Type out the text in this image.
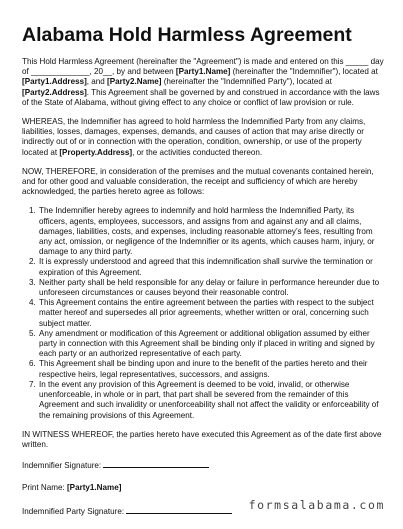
Alabama Hold Harmless Agreement

This Hold Harmless Agreement (hereinafter the "Agreement") is made and entered on this _____ day of _____________, 20__, by and between [Party1.Name] (hereinafter the "Indemnifier"), located at [Party1.Address], and [Party2.Name] (hereinafter the "Indemnified Party"), located at [Party2.Address]. This Agreement shall be governed by and construed in accordance with the laws of the State of Alabama, without giving effect to any choice or conflict of law provision or rule.

WHEREAS, the Indemnifier has agreed to hold harmless the Indemnified Party from any claims, liabilities, losses, damages, expenses, demands, and causes of action that may arise directly or indirectly out of or in connection with the operation, condition, ownership, or use of the property located at [Property.Address], or the activities conducted thereon.

NOW, THEREFORE, in consideration of the premises and the mutual covenants contained herein, and for other good and valuable consideration, the receipt and sufficiency of which are hereby acknowledged, the parties hereto agree as follows:

1. The Indemnifier hereby agrees to indemnify and hold harmless the Indemnified Party, its officers, agents, employees, successors, and assigns from and against any and all claims, damages, liabilities, costs, and expenses, including reasonable attorney’s fees, resulting from any act, omission, or negligence of the Indemnifier or its agents, which causes harm, injury, or damage to any third party.
2. It is expressly understood and agreed that this indemnification shall survive the termination or expiration of this Agreement.
3. Neither party shall be held responsible for any delay or failure in performance hereunder due to unforeseen circumstances or causes beyond their reasonable control.
4. This Agreement contains the entire agreement between the parties with respect to the subject matter hereof and supersedes all prior agreements, whether written or oral, concerning such subject matter.
5. Any amendment or modification of this Agreement or additional obligation assumed by either party in connection with this Agreement shall be binding only if placed in writing and signed by each party or an authorized representative of each party.
6. This Agreement shall be binding upon and inure to the benefit of the parties hereto and their respective heirs, legal representatives, successors, and assigns.
7. In the event any provision of this Agreement is deemed to be void, invalid, or otherwise unenforceable, in whole or in part, that part shall be severed from the remainder of this Agreement and such invalidity or unenforceability shall not affect the validity or enforceability of the remaining provisions of this Agreement.

IN WITNESS WHEREOF, the parties hereto have executed this Agreement as of the date first above written.

Indemnifier Signature:
Print Name: [Party1.Name]
Indemnified Party Signature:	formsalabama.com
